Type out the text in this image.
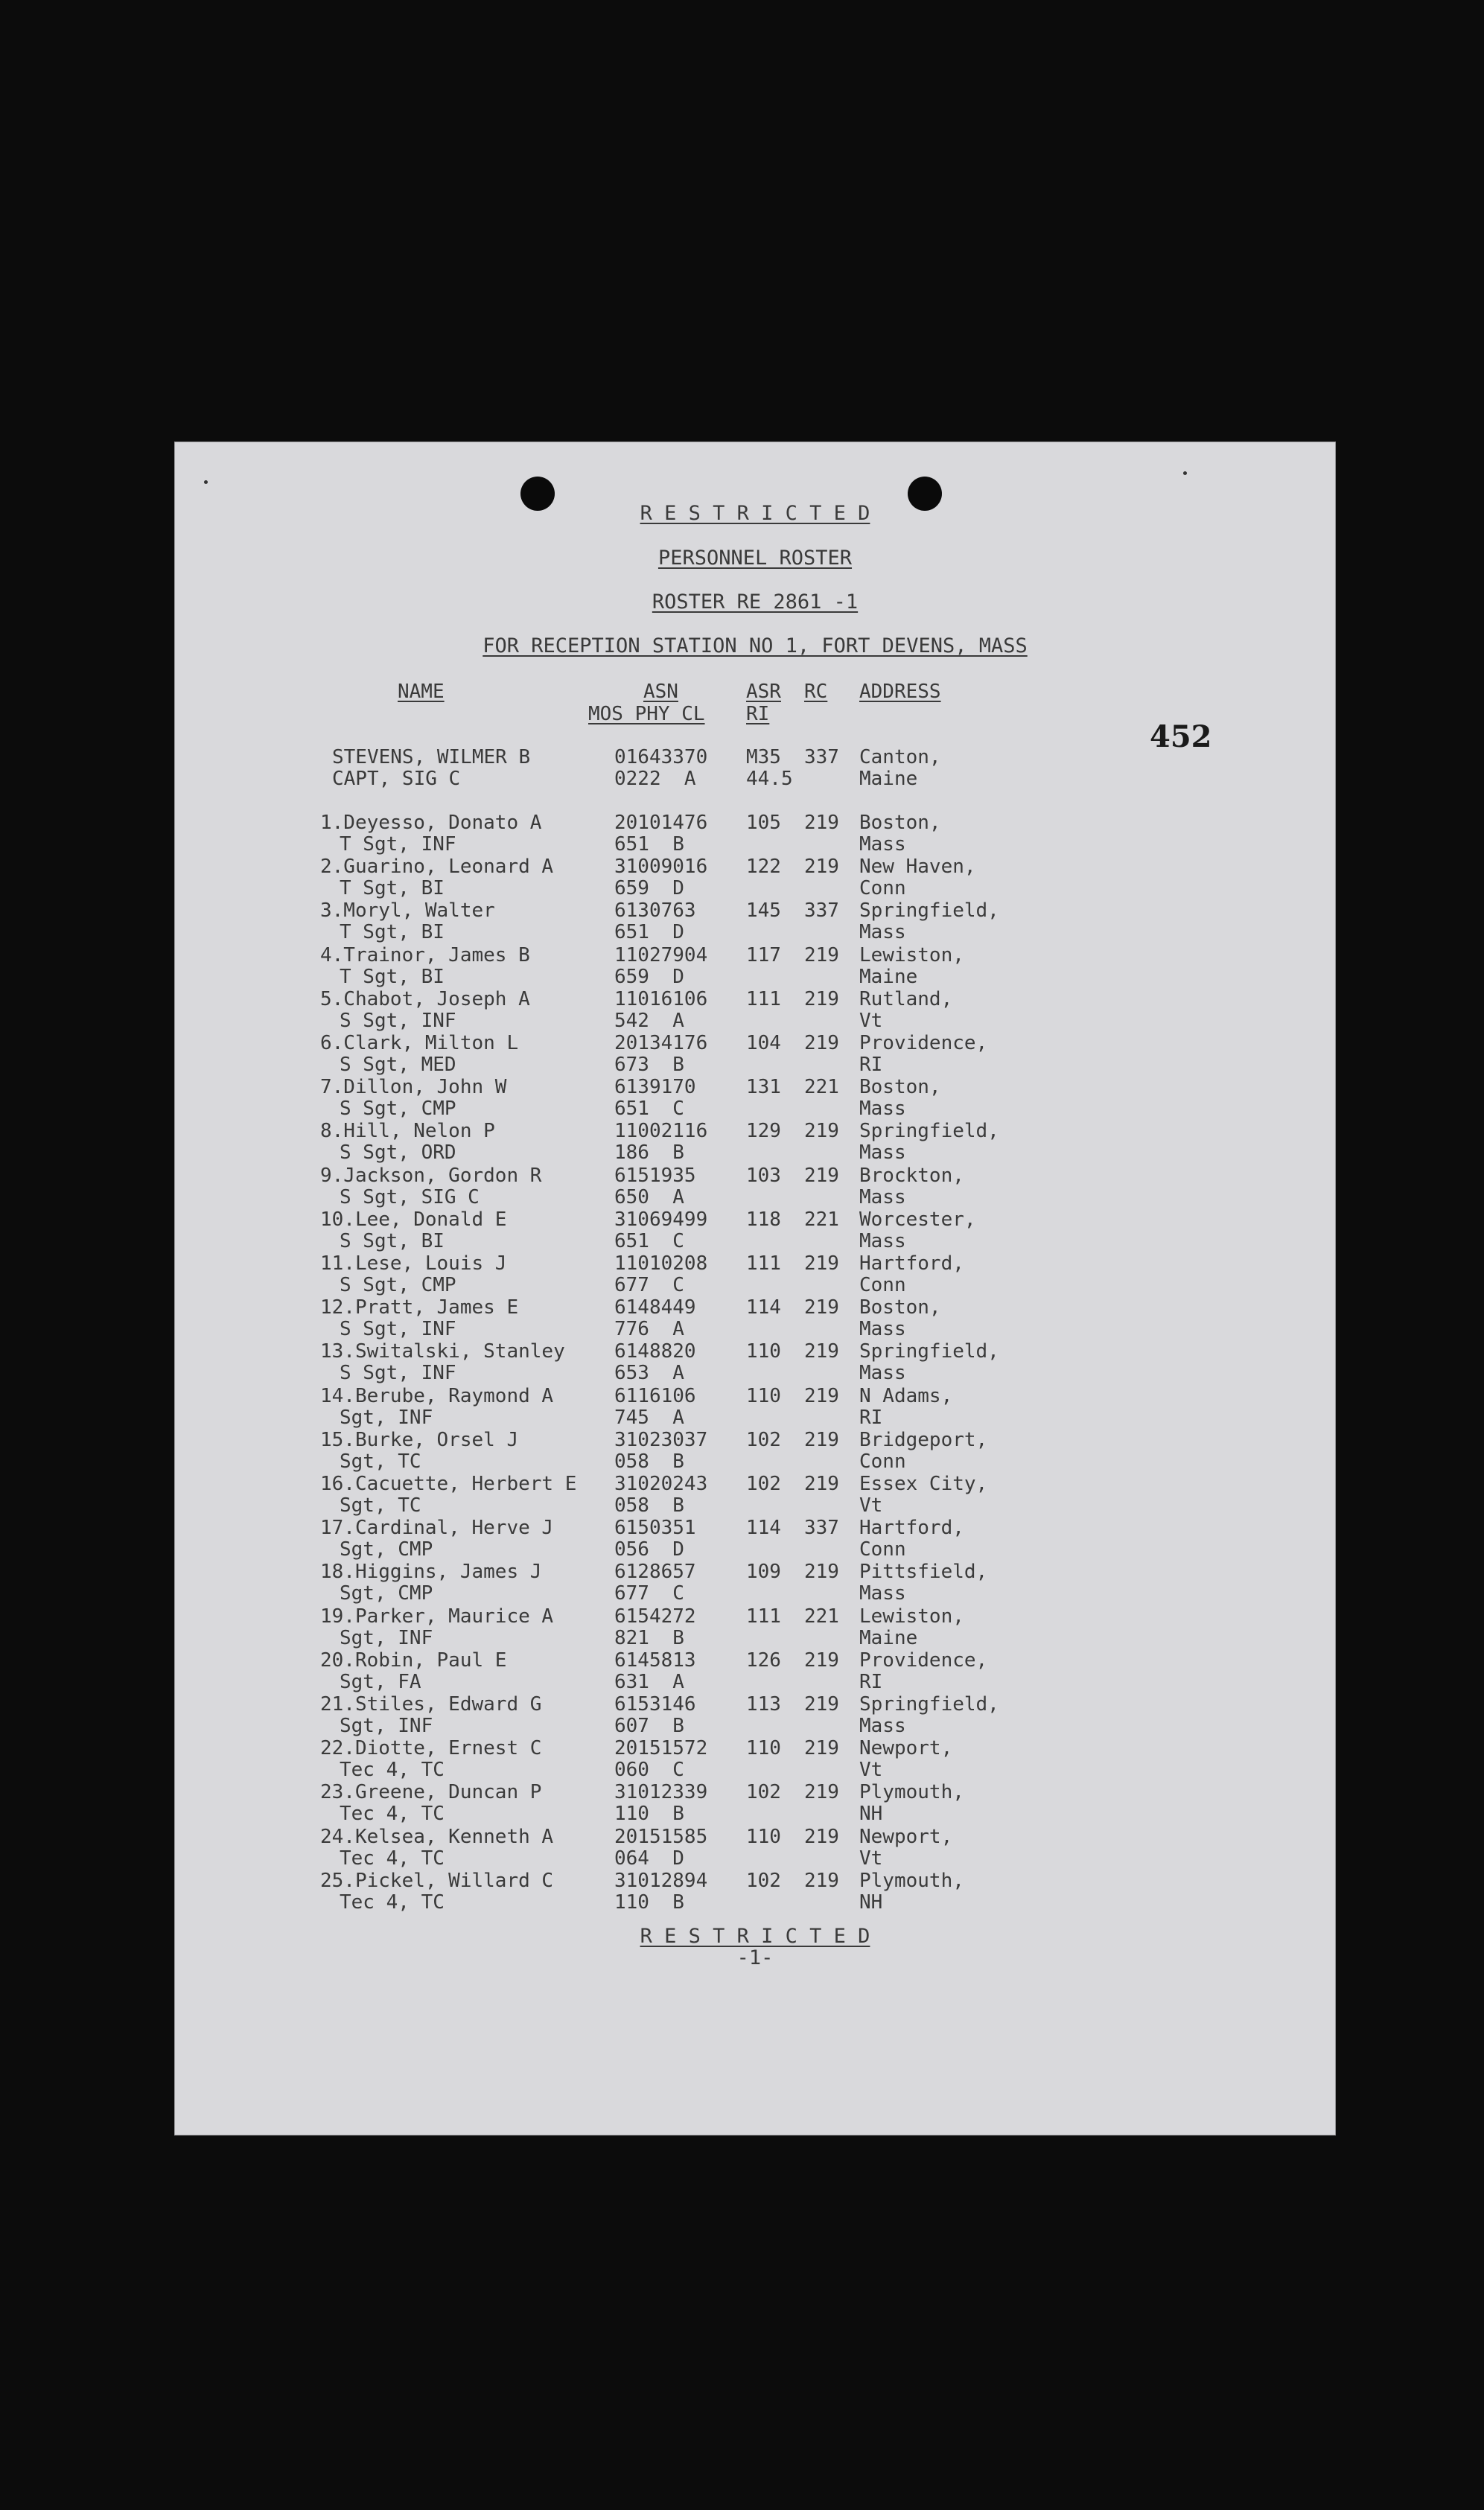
R E S T R I C T E D
PERSONNEL ROSTER
ROSTER RE 2861 -1
FOR RECEPTION STATION NO 1, FORT DEVENS, MASS
452
NAME	ASN
MOS PHY CL
ASR
RI
RC ADDRESS
STEVENS, WILMER B
CAPT, SIG C
01643370
0222  A
M35
44.5
337 Canton,
Maine
1.Deyesso, Donato A
T Sgt, INF
20101476
651  B
105 219 Boston,
Mass
2.Guarino, Leonard A
T Sgt, BI
31009016
659  D
122 219 New Haven,
Conn
3.Moryl, Walter
T Sgt, BI
6130763
651  D
145 337 Springfield,
Mass
4.Trainor, James B
T Sgt, BI
11027904
659  D
117 219 Lewiston,
Maine
5.Chabot, Joseph A
S Sgt, INF
11016106
542  A
111 219 Rutland,
Vt
6.Clark, Milton L
S Sgt, MED
20134176
673  B
104 219 Providence,
RI
7.Dillon, John W
S Sgt, CMP
6139170
651  C
131 221 Boston,
Mass
8.Hill, Nelon P
S Sgt, ORD
11002116
186  B
129 219 Springfield,
Mass
9.Jackson, Gordon R
S Sgt, SIG C
6151935
650  A
103 219 Brockton,
Mass
10.Lee, Donald E
S Sgt, BI
31069499
651  C
118 221 Worcester,
Mass
11.Lese, Louis J
S Sgt, CMP
11010208
677  C
111 219 Hartford,
Conn
12.Pratt, James E
S Sgt, INF
6148449
776  A
114 219 Boston,
Mass
13.Switalski, Stanley
S Sgt, INF
6148820
653  A
110 219 Springfield,
Mass
14.Berube, Raymond A
Sgt, INF
6116106
745  A
110 219 N Adams,
RI
15.Burke, Orsel J
Sgt, TC
31023037
058  B
102 219 Bridgeport,
Conn
16.Cacuette, Herbert E
Sgt, TC
31020243
058  B
102 219 Essex City,
Vt
17.Cardinal, Herve J
Sgt, CMP
6150351
056  D
114 337 Hartford,
Conn
18.Higgins, James J
Sgt, CMP
6128657
677  C
109 219 Pittsfield,
Mass
19.Parker, Maurice A
Sgt, INF
6154272
821  B
111 221 Lewiston,
Maine
20.Robin, Paul E
Sgt, FA
6145813
631  A
126 219 Providence,
RI
21.Stiles, Edward G
Sgt, INF
6153146
607  B
113 219 Springfield,
Mass
22.Diotte, Ernest C
Tec 4, TC
20151572
060  C
110 219 Newport,
Vt
23.Greene, Duncan P
Tec 4, TC
31012339
110  B
102 219 Plymouth,
NH
24.Kelsea, Kenneth A
Tec 4, TC
20151585
064  D
110 219 Newport,
Vt
25.Pickel, Willard C
Tec 4, TC
31012894
110  B
102 219 Plymouth,
NH
R E S T R I C T E D
-1-
